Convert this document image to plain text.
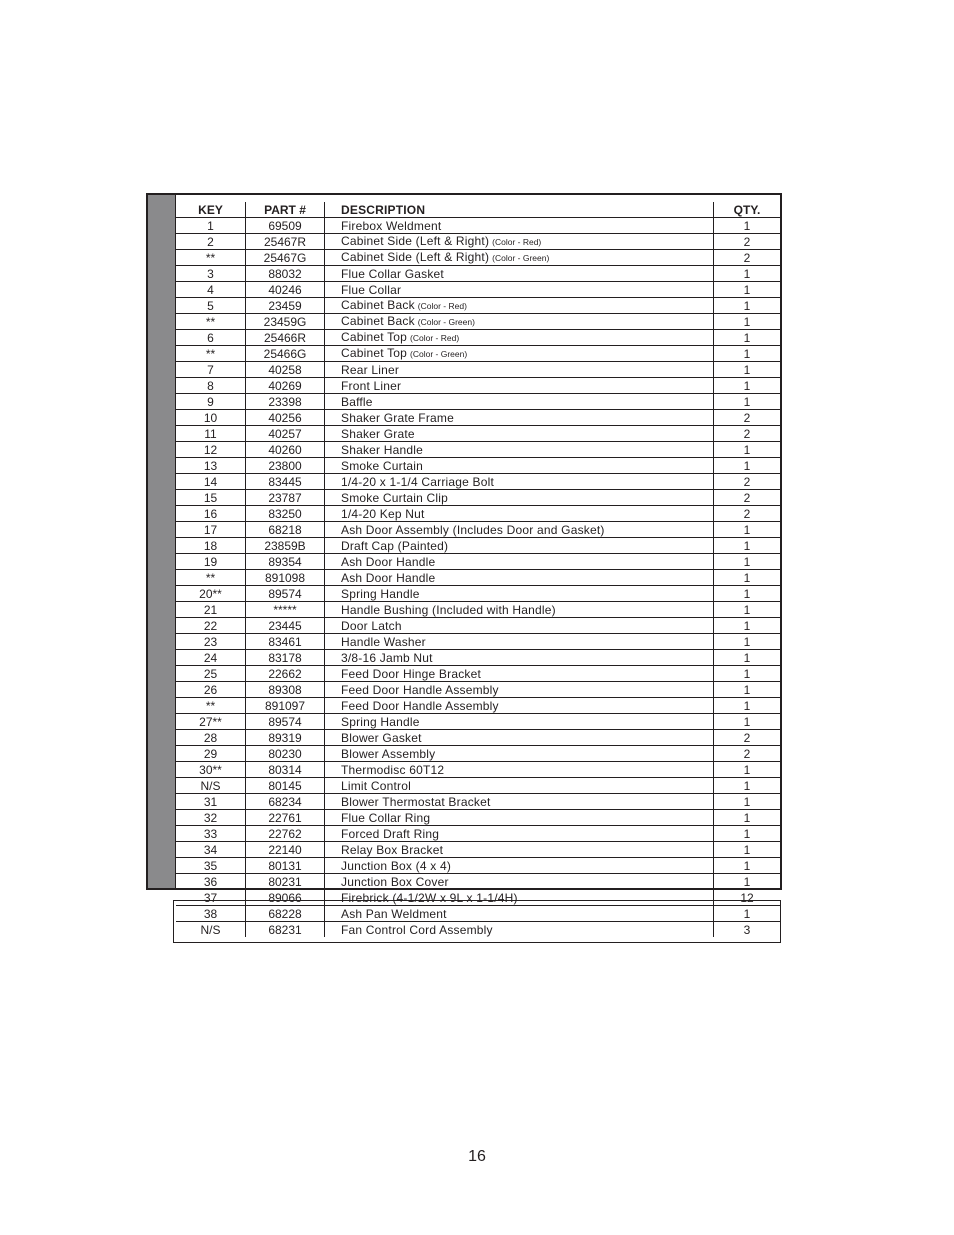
KEY	PART #	DESCRIPTION	QTY.
1	69509	Firebox Weldment	1
2	25467R	Cabinet Side (Left & Right) (Color - Red)	2
**	25467G	Cabinet Side (Left & Right) (Color - Green)	2
3	88032	Flue Collar Gasket	1
4	40246	Flue Collar	1
5	23459	Cabinet Back (Color - Red)	1
**	23459G	Cabinet Back (Color - Green)	1
6	25466R	Cabinet Top (Color - Red)	1
**	25466G	Cabinet Top (Color - Green)	1
7	40258	Rear Liner	1
8	40269	Front Liner	1
9	23398	Baffle	1
10	40256	Shaker Grate Frame	2
11	40257	Shaker Grate	2
12	40260	Shaker Handle	1
13	23800	Smoke Curtain	1
14	83445	1/4-20 x 1-1/4 Carriage Bolt	2
15	23787	Smoke Curtain Clip	2
16	83250	1/4-20 Kep Nut	2
17	68218	Ash Door Assembly (Includes Door and Gasket)	1
18	23859B	Draft Cap (Painted)	1
19	89354	Ash Door Handle	1
**	891098	Ash Door Handle	1
20**	89574	Spring Handle	1
21	*****	Handle Bushing (Included with Handle)	1
22	23445	Door Latch	1
23	83461	Handle Washer	1
24	83178	3/8-16 Jamb Nut	1
25	22662	Feed Door Hinge Bracket	1
26	89308	Feed Door Handle Assembly	1
**	891097	Feed Door Handle Assembly	1
27**	89574	Spring Handle	1
28	89319	Blower Gasket	2
29	80230	Blower Assembly	2
30**	80314	Thermodisc 60T12	1
N/S	80145	Limit Control	1
31	68234	Blower Thermostat Bracket	1
32	22761	Flue Collar Ring	1
33	22762	Forced Draft Ring	1
34	22140	Relay Box Bracket	1
35	80131	Junction Box (4 x 4)	1
36	80231	Junction Box Cover	1
37	89066	Firebrick (4-1/2W x 9L x 1-1/4H)	12
38	68228	Ash Pan Weldment	1
N/S	68231	Fan Control Cord Assembly	3
16
